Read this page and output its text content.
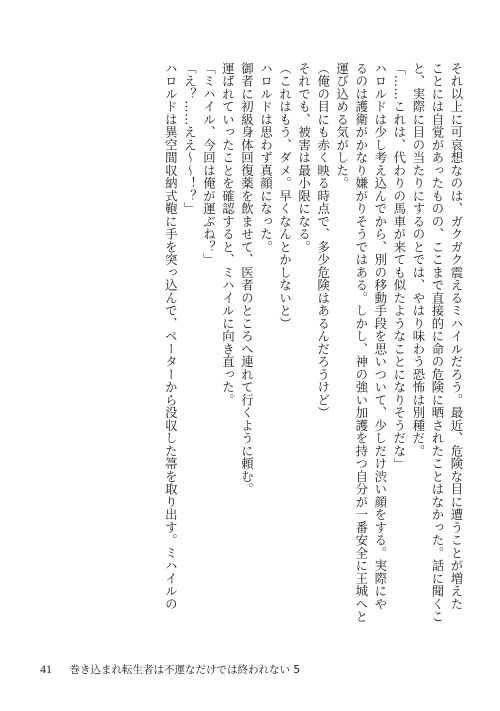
それ以上に可哀想なのは、ガクガク震えるミハイルだろう。最近、危険な目に遭うことが増えた
ことには自覚があったものの、ここまで直接的に命の危険に晒されたことはなかった。話に聞くこ
と、実際に目の当たりにするのとでは、やはり味わう恐怖は別種だ。
「……これは、代わりの馬車が来ても似たようなことになりそうだな」
ハロルドは少し考え込んでから、別の移動手段を思いついて、少しだけ渋い顔をする。実際にや
るのは護衛がかなり嫌がりそうではある。しかし、神の強い加護を持つ自分が一番安全に王城へと
運び込める気がした。
（俺の目にも赤く映る時点で、多少危険はあるんだろうけど）
それでも、被害は最小限になる。
（これはもう、ダメ。早くなんとかしないと）
ハロルドは思わず真顔になった。
御者に初級身体回復薬を飲ませて、医者のところへ連れて行くように頼む。
運ばれていったことを確認すると、ミハイルに向き直った。
「ミハイル、今回は俺が運ぶね？」
「え？……ええ～～！？」
ハロルドは異空間収納式鞄に手を突っ込んで、ペーターから没収した箒を取り出す。ミハイルの
41 巻き込まれ転生者は不運なだけでは終われない 5
